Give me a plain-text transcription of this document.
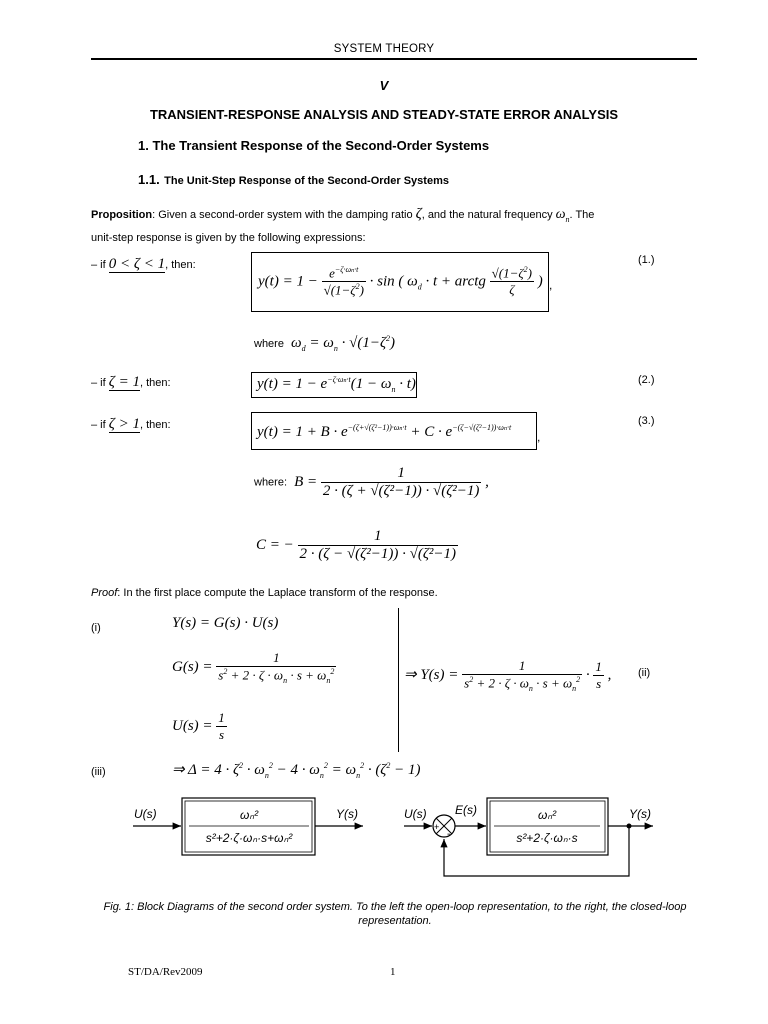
SYSTEM THEORY
V
TRANSIENT-RESPONSE ANALYSIS AND STEADY-STATE ERROR ANALYSIS
1. The Transient Response of the Second-Order Systems
1.1. The Unit-Step Response of the Second-Order Systems
Proposition: Given a second-order system with the damping ratio ζ, and the natural frequency $\omega_n$. The
unit-step response is given by the following expressions:
– if 0 < ζ < 1, then:
$y(t) = 1 - \frac{e^{-\zeta\cdot\omega n\cdot t}}{√(1-\zeta^2)} \cdot \sin$ ( $\omega_d \cdot t$ + arctg $\frac{√(1-\zeta^2)}{\zeta}$ )
(1.)
,
where $\omega_d = \omega_n \cdot √(1-\zeta^2)$
– if ζ = 1, then:	$y(t) = 1 - e^{-\zeta\cdot\omega n\cdot t}(1 - \omega_n \cdot t)$	(2.)
– if ζ > 1, then:	$y(t) = 1 + B \cdot e^{-(\zeta+√(\zeta^2-1))\cdot\omega n\cdot t} + C \cdot e^{-(\zeta-√(\zeta^2-1))\cdot\omega n\cdot t}$
(3.)
,
where: $B = \frac{1}{\text{2 · (ζ + √(ζ²−1)) · √(ζ²−1)}}$ ,
C = − $\frac{1}{\text{2 · (ζ − √(ζ²−1)) · √(ζ²−1)}}$
Proof: In the first place compute the Laplace transform of the response.
(i)	Y(s) = G(s) · U(s)
$G(s) = \frac{1}{s^2 + 2 \cdot \zeta \cdot \omega_n \cdot s + \omega_n^2}$
$U(s) = \frac{1}{s}$
⇒ $Y(s) = \frac{1}{s^2 + 2 \cdot \zeta \cdot \omega_n \cdot s + \omega_n^2} \cdot \frac{1}{s}$ , (ii)
(iii)	⇒ $\Delta = 4 \cdot \zeta^2 \cdot \omega_n^2 - 4 \cdot \omega_n^2 = \omega_n^2 \cdot (\zeta^2 - 1)$
U(s)	ωₙ²
s²+2·ζ·ωₙ·s+ωₙ²
Y(s)	U(s)
+
-
E(s)	ωₙ²
s²+2·ζ·ωₙ·s
Y(s)
Fig. 1: Block Diagrams of the second order system. To the left the open-loop representation, to the right, the closed-loop representation.
ST/DA/Rev2009	1
